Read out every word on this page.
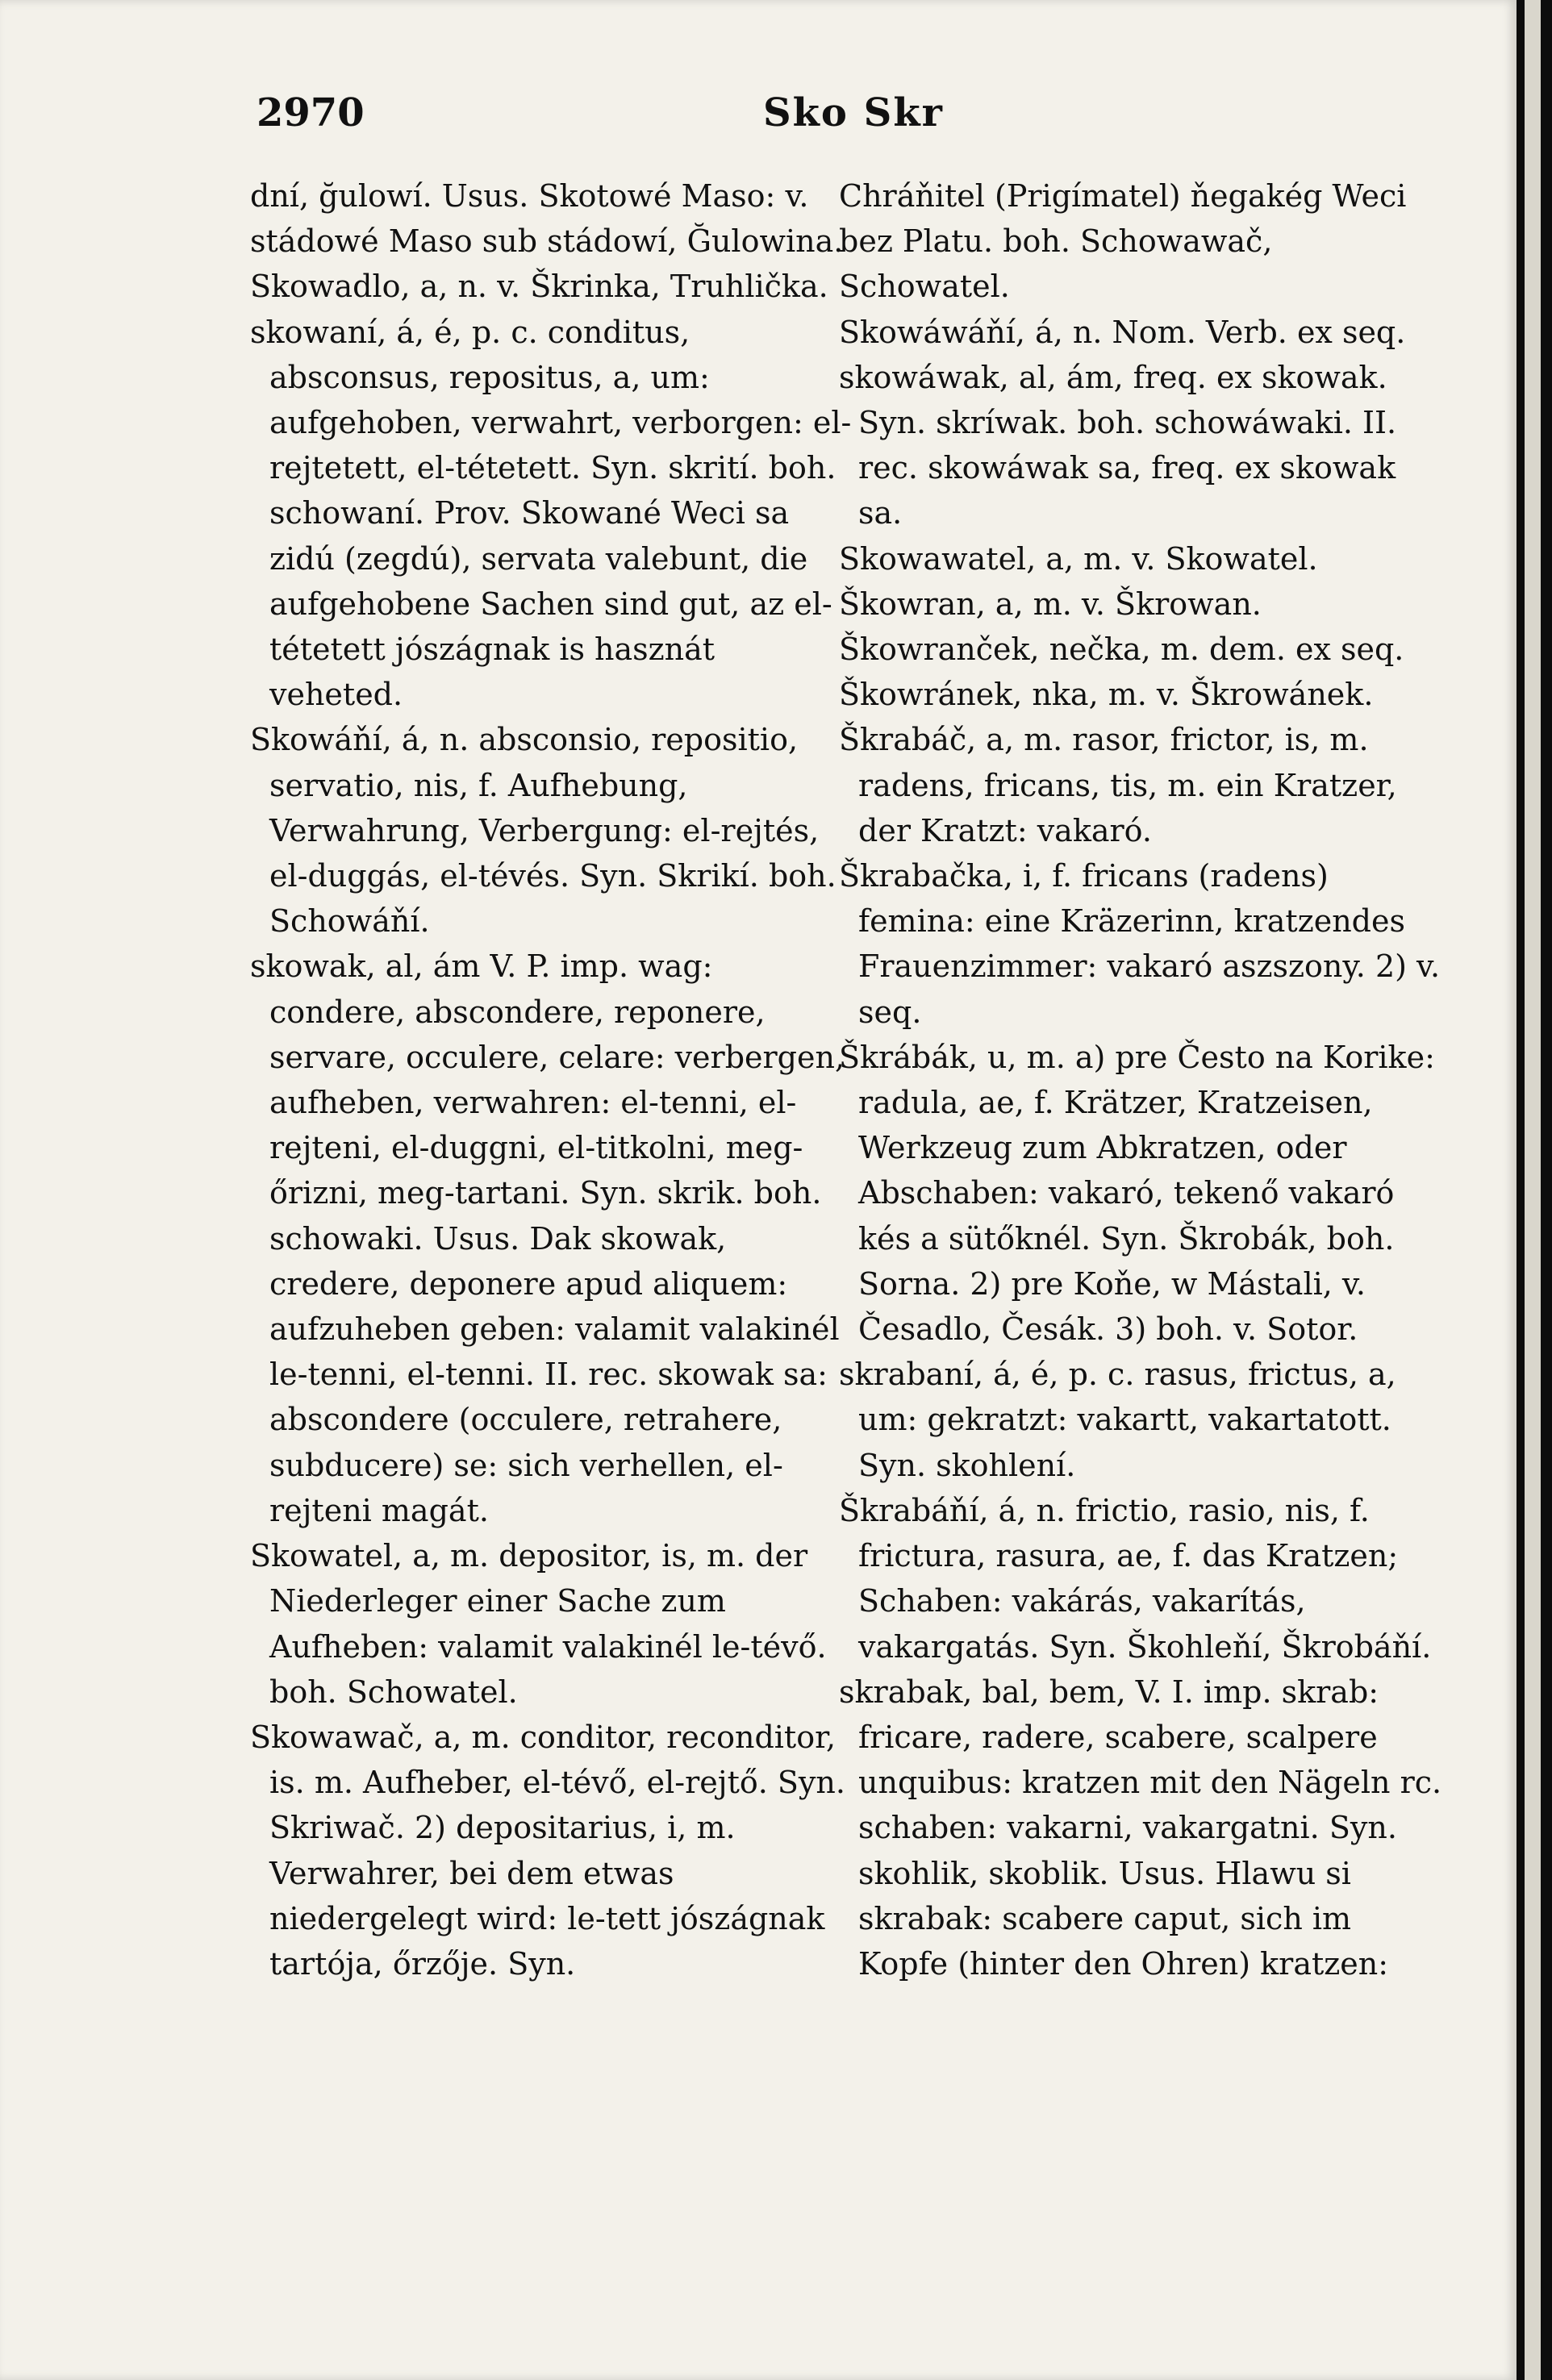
2970	Sko Skr

dní, ğulowí. Usus. Skotowé Maso: v. stádowé Maso sub stádowí, Ğulowina.

Skowadlo, a, n. v. Škrinka, Truhlička.

skowaní, á, é, p. c. conditus, absconsus, repositus, a, um: aufgehoben, verwahrt, verborgen: el-rejtetett, el-tétetett. Syn. skrití. boh. schowaní. Prov. Skowané Weci sa zidú (zegdú), servata valebunt, die aufgehobene Sachen sind gut, az el-tétetett jószágnak is hasznát veheted.

Skowáňí, á, n. absconsio, repositio, servatio, nis, f. Aufhebung, Verwahrung, Verbergung: el-rejtés, el-duggás, el-tévés. Syn. Skrikí. boh. Schowáňí.

skowak, al, ám V. P. imp. wag: condere, abscondere, reponere, servare, occulere, celare: verbergen, aufheben, verwahren: el-tenni, el-rejteni, el-duggni, el-titkolni, meg-őrizni, meg-tartani. Syn. skrik. boh. schowaki. Usus. Dak skowak, credere, deponere apud aliquem: aufzuheben geben: valamit valakinél le-tenni, el-tenni. II. rec. skowak sa: abscondere (occulere, retrahere, subducere) se: sich verhellen, el-rejteni magát.

Skowatel, a, m. depositor, is, m. der Niederleger einer Sache zum Aufheben: valamit valakinél le-tévő. boh. Schowatel.

Skowawač, a, m. conditor, reconditor, is. m. Aufheber, el-tévő, el-rejtő. Syn. Skriwač. 2) depositarius, i, m. Verwahrer, bei dem etwas niedergelegt wird: le-tett jószágnak tartója, őrzője. Syn.

Chráňitel (Prigímatel) ňegakég Weci bez Platu. boh. Schowawač, Schowatel.

Skowáwáňí, á, n. Nom. Verb. ex seq.

skowáwak, al, ám, freq. ex skowak. Syn. skríwak. boh. schowáwaki. II. rec. skowáwak sa, freq. ex skowak sa.

Skowawatel, a, m. v. Skowatel.

Škowran, a, m. v. Škrowan.

Škowranček, nečka, m. dem. ex seq.

Škowránek, nka, m. v. Škrowánek.

Škrabáč, a, m. rasor, frictor, is, m. radens, fricans, tis, m. ein Kratzer, der Kratzt: vakaró.

Škrabačka, i, f. fricans (radens) femina: eine Kräzerinn, kratzendes Frauenzimmer: vakaró aszszony. 2) v. seq.

Škrábák, u, m. a) pre Često na Korike: radula, ae, f. Krätzer, Kratzeisen, Werkzeug zum Abkratzen, oder Abschaben: vakaró, tekenő vakaró kés a sütőknél. Syn. Škrobák, boh. Sorna. 2) pre Koňe, w Mástali, v. Česadlo, Česák. 3) boh. v. Sotor.

skrabaní, á, é, p. c. rasus, frictus, a, um: gekratzt: vakartt, vakartatott. Syn. skohlení.

Škrabáňí, á, n. frictio, rasio, nis, f. frictura, rasura, ae, f. das Kratzen; Schaben: vakárás, vakarítás, vakargatás. Syn. Škohleňí, Škrobáňí.

skrabak, bal, bem, V. I. imp. skrab: fricare, radere, scabere, scalpere unquibus: kratzen mit den Nägeln rc. schaben: vakarni, vakargatni. Syn. skohlik, skoblik. Usus. Hlawu si skrabak: scabere caput, sich im Kopfe (hinter den Ohren) kratzen:
